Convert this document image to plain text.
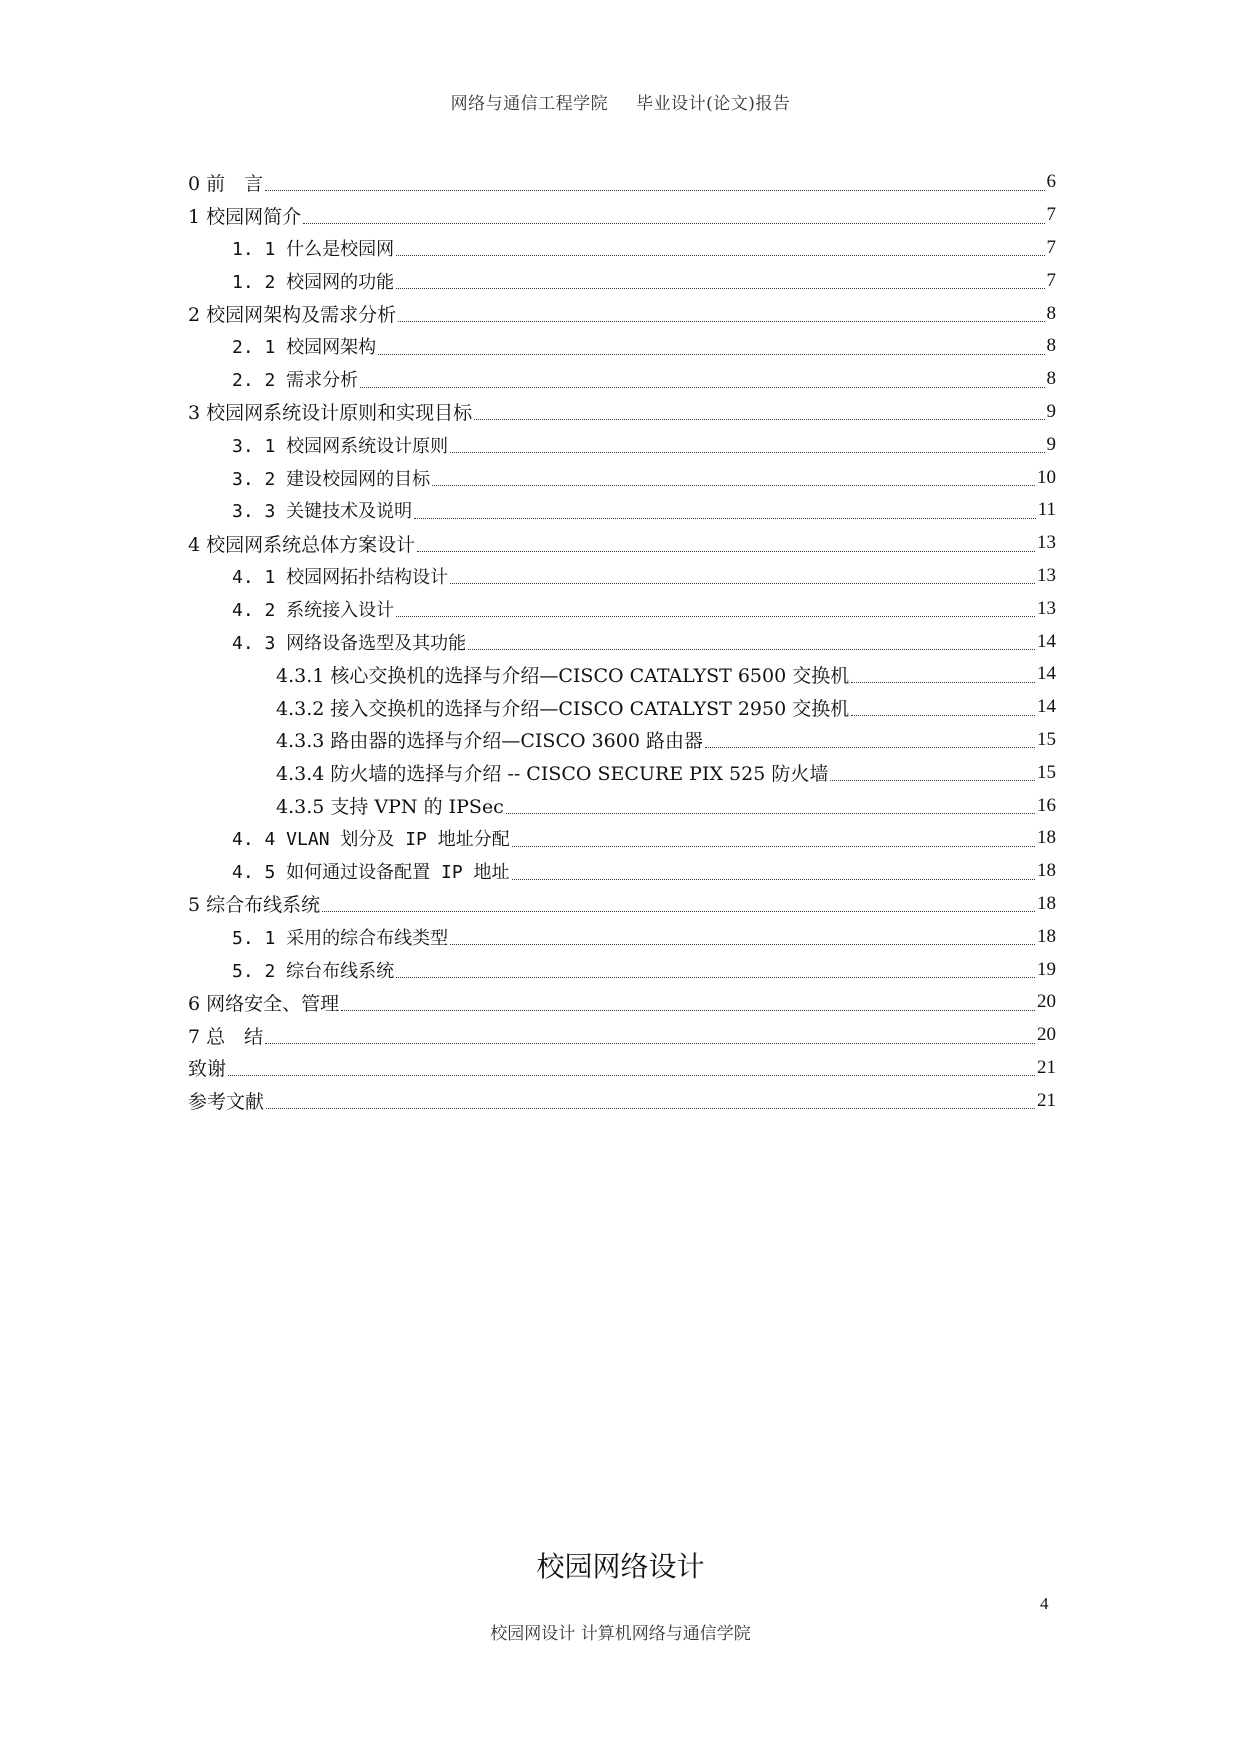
网络与通信工程学院 毕业设计(论文)报告
0 前　言	6
1 校园网简介	7
1. 1 什么是校园网	7
1. 2 校园网的功能	7
2 校园网架构及需求分析	8
2. 1 校园网架构	8
2. 2 需求分析	8
3 校园网系统设计原则和实现目标	9
3. 1 校园网系统设计原则	9
3. 2 建设校园网的目标	10
3. 3 关键技术及说明	11
4 校园网系统总体方案设计	13
4. 1 校园网拓扑结构设计	13
4. 2 系统接入设计	13
4. 3 网络设备选型及其功能	14
4.3.1 核心交换机的选择与介绍—CISCO CATALYST 6500 交换机	14
4.3.2 接入交换机的选择与介绍—CISCO CATALYST 2950 交换机	14
4.3.3 路由器的选择与介绍—CISCO 3600 路由器	15
4.3.4 防火墙的选择与介绍 -- CISCO SECURE PIX 525 防火墙	15
4.3.5 支持 VPN 的 IPSec	16
4. 4 VLAN 划分及 IP 地址分配	18
4. 5 如何通过设备配置 IP 地址	18
5 综合布线系统	18
5. 1 采用的综合布线类型	18
5. 2 综台布线系统	19
6 网络安全、管理	20
7 总　结	20
致谢	21
参考文献	21
校园网络设计
4
校园网设计 计算机网络与通信学院
